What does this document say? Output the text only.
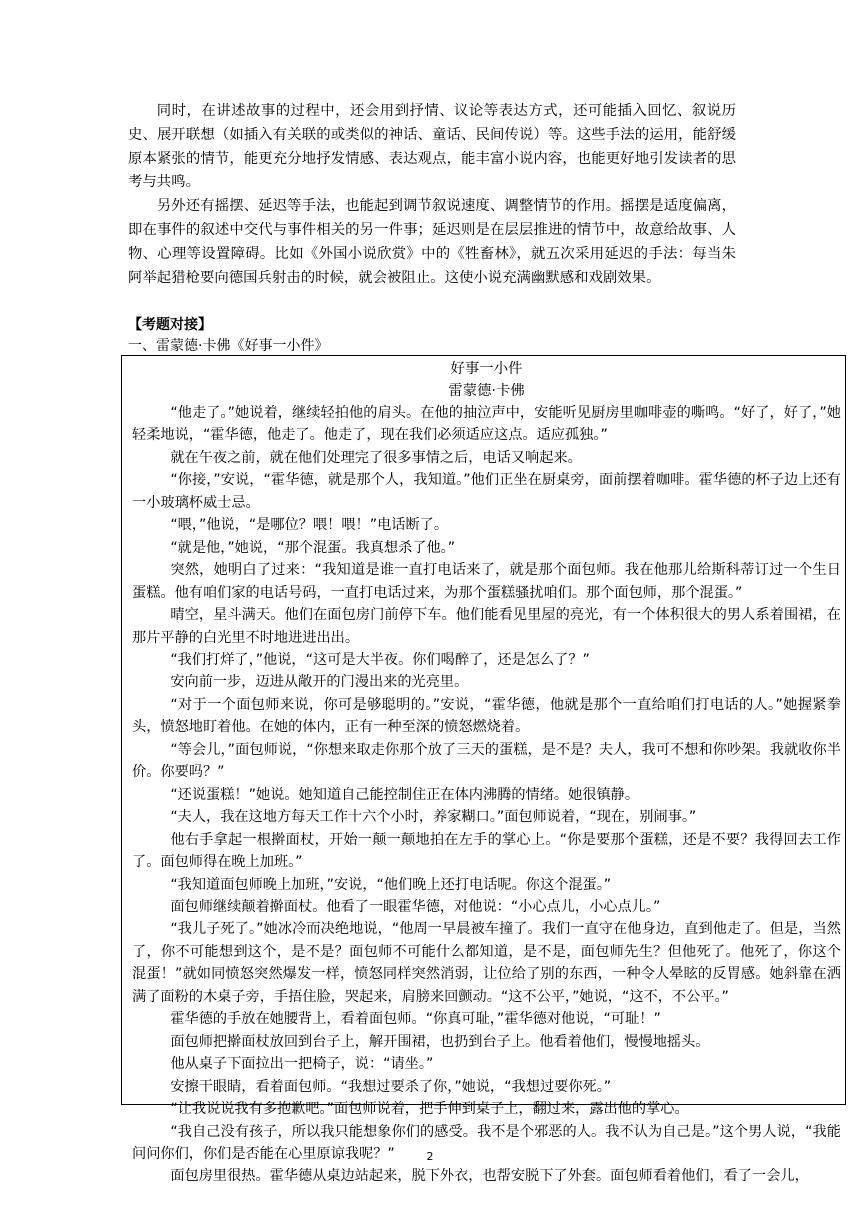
同时，在讲述故事的过程中，还会用到抒情、议论等表达方式，还可能插入回忆、叙说历史、展开联想（如插入有关联的或类似的神话、童话、民间传说）等。这些手法的运用，能舒缓原本紧张的情节，能更充分地抒发情感、表达观点，能丰富小说内容，也能更好地引发读者的思考与共鸣。

另外还有摇摆、延迟等手法，也能起到调节叙说速度、调整情节的作用。摇摆是适度偏离，即在事件的叙述中交代与事件相关的另一件事；延迟则是在层层推进的情节中，故意给故事、人物、心理等设置障碍。比如《外国小说欣赏》中的《牲畜林》，就五次采用延迟的手法：每当朱阿举起猎枪要向德国兵射击的时候，就会被阻止。这使小说充满幽默感和戏剧效果。

【考题对接】
一、雷蒙德·卡佛《好事一小件》
好事一小件
雷蒙德·卡佛

“他走了。”她说着，继续轻拍他的肩头。在他的抽泣声中，安能听见厨房里咖啡壶的嘶鸣。“好了，好了，”她轻柔地说，“霍华德，他走了。他走了，现在我们必须适应这点。适应孤独。”

就在午夜之前，就在他们处理完了很多事情之后，电话又响起来。

“你接，”安说，“霍华德，就是那个人，我知道。”他们正坐在厨桌旁，面前摆着咖啡。霍华德的杯子边上还有一小玻璃杯威士忌。

“喂，”他说，“是哪位？喂！喂！”电话断了。

“就是他，”她说，“那个混蛋。我真想杀了他。”

突然，她明白了过来：“我知道是谁一直打电话来了，就是那个面包师。我在他那儿给斯科蒂订过一个生日蛋糕。他有咱们家的电话号码，一直打电话过来，为那个蛋糕骚扰咱们。那个面包师，那个混蛋。”

晴空，星斗满天。他们在面包房门前停下车。他们能看见里屋的亮光，有一个体积很大的男人系着围裙，在那片平静的白光里不时地进进出出。

“我们打烊了，”他说，“这可是大半夜。你们喝醉了，还是怎么了？”

安向前一步，迈进从敞开的门漫出来的光亮里。

“对于一个面包师来说，你可是够聪明的。”安说，“霍华德，他就是那个一直给咱们打电话的人。”她握紧拳头，愤怒地盯着他。在她的体内，正有一种至深的愤怒燃烧着。

“等会儿，”面包师说，“你想来取走你那个放了三天的蛋糕，是不是？夫人，我可不想和你吵架。我就收你半价。你要吗？”

“还说蛋糕！”她说。她知道自己能控制住正在体内沸腾的情绪。她很镇静。

“夫人，我在这地方每天工作十六个小时，养家糊口。”面包师说着，“现在，别闹事。”

他右手拿起一根擀面杖，开始一颠一颠地拍在左手的掌心上。“你是要那个蛋糕，还是不要？我得回去工作了。面包师得在晚上加班。”

“我知道面包师晚上加班，”安说，“他们晚上还打电话呢。你这个混蛋。”

面包师继续颠着擀面杖。他看了一眼霍华德，对他说：“小心点儿，小心点儿。”

“我儿子死了。”她冰冷而决绝地说，“他周一早晨被车撞了。我们一直守在他身边，直到他走了。但是，当然了，你不可能想到这个，是不是？面包师不可能什么都知道，是不是，面包师先生？但他死了。他死了，你这个混蛋！”就如同愤怒突然爆发一样，愤怒同样突然消弱，让位给了别的东西，一种令人晕眩的反胃感。她斜靠在洒满了面粉的木桌子旁，手捂住脸，哭起来，肩膀来回颤动。“这不公平，”她说，“这不，不公平。”

霍华德的手放在她腰背上，看着面包师。“你真可耻，”霍华德对他说，“可耻！”

面包师把擀面杖放回到台子上，解开围裙，也扔到台子上。他看着他们，慢慢地摇头。

他从桌子下面拉出一把椅子，说：“请坐。”

安擦干眼睛，看着面包师。“我想过要杀了你，”她说，“我想过要你死。”

“让我说说我有多抱歉吧。”面包师说着，把手伸到桌子上，翻过来，露出他的掌心。

“我自己没有孩子，所以我只能想象你们的感受。我不是个邪恶的人。我不认为自己是。”这个男人说，“我能问问你们，你们是否能在心里原谅我呢？”

面包房里很热。霍华德从桌边站起来，脱下外衣，也帮安脱下了外套。面包师看着他们，看了一会儿，

2
